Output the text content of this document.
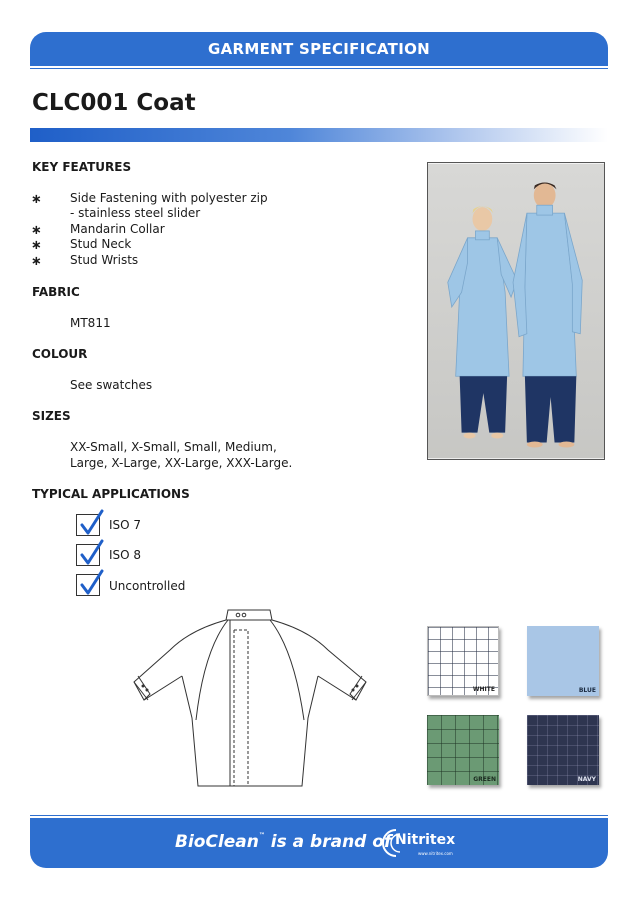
GARMENT SPECIFICATION
CLC001 Coat
KEY FEATURES
∗ Side Fastening with polyester zip
- stainless steel slider
∗ Mandarin Collar
∗ Stud Neck
∗ Stud Wrists
FABRIC
MT811
COLOUR
See swatches
SIZES
XX-Small, X-Small, Small, Medium,
Large, X-Large, XX-Large, XXX-Large.
TYPICAL APPLICATIONS
ISO 7
ISO 8
Uncontrolled
WHITE	BLUE
GREEN	NAVY
BioClean™ is a brand of Nitritex
www.nitritex.com
